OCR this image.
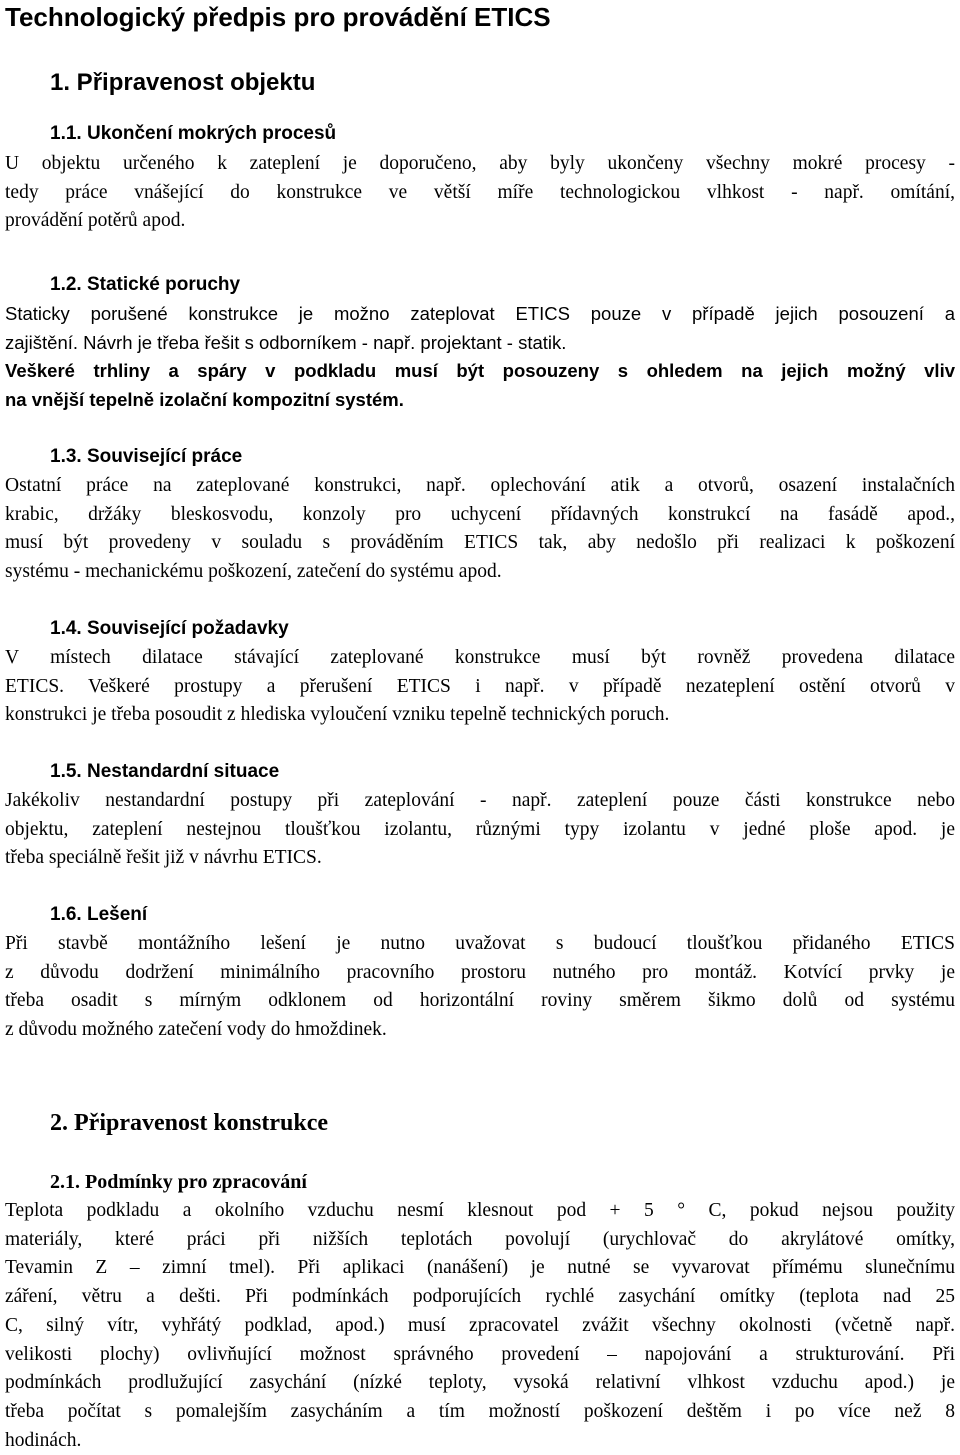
Technologický předpis pro provádění ETICS
1. Připravenost objektu
1.1. Ukončení mokrých procesů

U objektu určeného k zateplení je doporučeno, aby byly ukončeny všechny mokré procesy -
tedy práce vnášející do konstrukce ve větší míře technologickou vlhkost - např. omítání,
provádění potěrů apod.

1.2. Statické poruchy

Staticky porušené konstrukce je možno zateplovat ETICS pouze v případě jejich posouzení a
zajištění. Návrh je třeba řešit s odborníkem - např. projektant - statik.
Veškeré trhliny a spáry v podkladu musí být posouzeny s ohledem na jejich možný vliv
na vnější tepelně izolační kompozitní systém.

1.3. Související práce

Ostatní práce na zateplované konstrukci, např. oplechování atik a otvorů, osazení instalačních
krabic, držáky bleskosvodu, konzoly pro uchycení přídavných konstrukcí na fasádě apod.,
musí být provedeny v souladu s prováděním ETICS tak, aby nedošlo při realizaci k poškození
systému - mechanickému poškození, zatečení do systému apod.

1.4. Související požadavky

V místech dilatace stávající zateplované konstrukce musí být rovněž provedena dilatace
ETICS. Veškeré prostupy a přerušení ETICS i např. v případě nezateplení ostění otvorů v
konstrukci je třeba posoudit z hlediska vyloučení vzniku tepelně technických poruch.

1.5. Nestandardní situace

Jakékoliv nestandardní postupy při zateplování - např. zateplení pouze části konstrukce nebo
objektu, zateplení nestejnou tloušťkou izolantu, různými typy izolantu v jedné ploše apod. je
třeba speciálně řešit již v návrhu ETICS.

1.6. Lešení

Při stavbě montážního lešení je nutno uvažovat s budoucí tloušťkou přidaného ETICS
z důvodu dodržení minimálního pracovního prostoru nutného pro montáž. Kotvící prvky je
třeba osadit s mírným odklonem od horizontální roviny směrem šikmo dolů od systému
z důvodu možného zatečení vody do hmoždinek.

2. Připravenost konstrukce
2.1. Podmínky pro zpracování

Teplota podkladu a okolního vzduchu nesmí klesnout pod + 5 ° C, pokud nejsou použity
materiály, které práci při nižších teplotách povolují (urychlovač do akrylátové omítky,
Tevamin Z – zimní tmel). Při aplikaci (nanášení) je nutné se vyvarovat přímému slunečnímu
záření, větru a dešti. Při podmínkách podporujících rychlé zasychání omítky (teplota nad 25
C, silný vítr, vyhřátý podklad, apod.) musí zpracovatel zvážit všechny okolnosti (včetně např.
velikosti plochy) ovlivňující možnost správného provedení – napojování a strukturování. Při
podmínkách prodlužující zasychání (nízké teploty, vysoká relativní vlhkost vzduchu apod.) je
třeba počítat s pomalejším zasycháním a tím možností poškození deštěm i po více než 8
hodinách.
